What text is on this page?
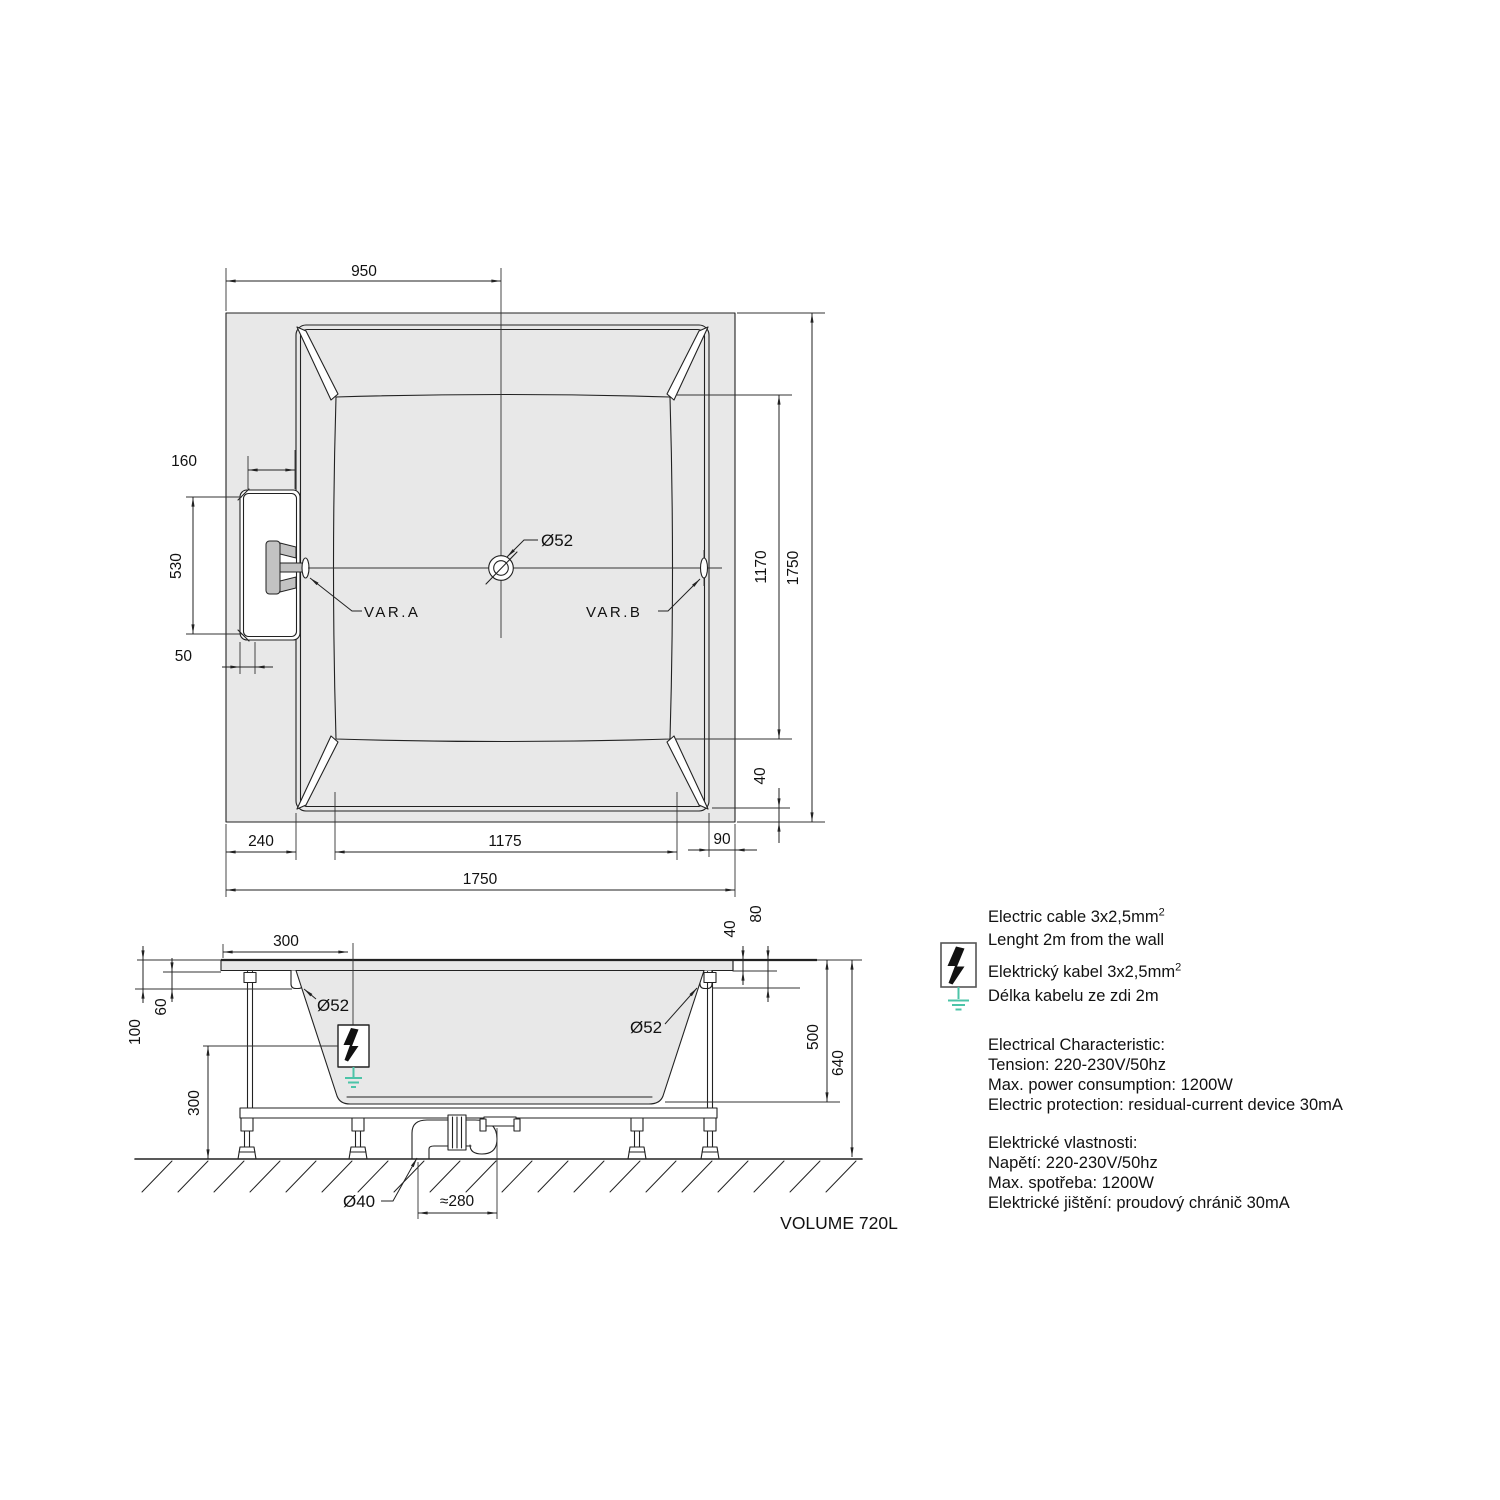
950
160
530
50
240	1175	90
1750
1170
40
1750
Ø52
VAR.A	VAR.B
300
100
60
300
40
80
500
640
≈280
Ø40
Ø52
Ø52
VOLUME 720L
Electric cable $3x2,5mm^2$
Lenght 2m from the wall
Elektrický kabel $3x2,5mm^2$
Délka kabelu ze zdi 2m
Electrical Characteristic:
Tension: 220-230V/50hz
Max. power consumption: 1200W
Electric protection: residual-current device 30mA
Elektrické vlastnosti:
Napětí: 220-230V/50hz
Max. spotřeba: 1200W
Elektrické jištění: proudový chránič 30mA
